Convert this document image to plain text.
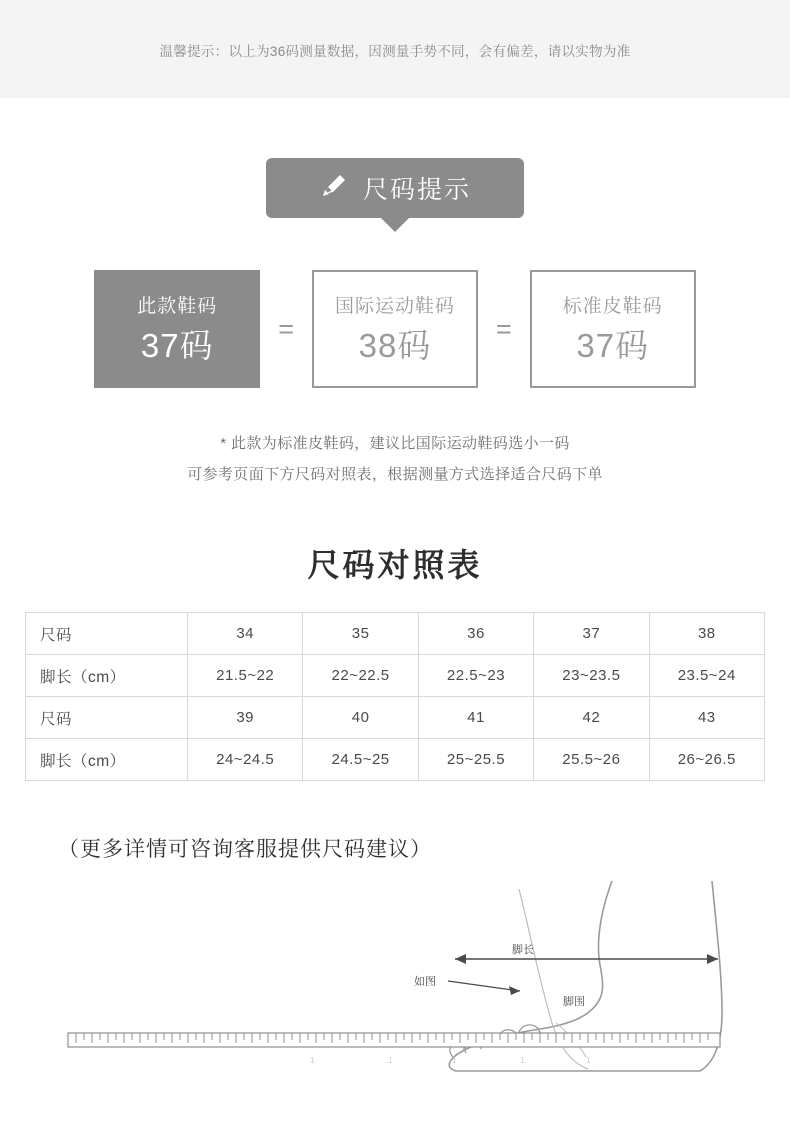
温馨提示：以上为36码测量数据，因测量手势不同，会有偏差，请以实物为准
尺码提示
此款鞋码
37码 =
国际运动鞋码
38码 =
标准皮鞋码
37码
* 此款为标准皮鞋码，建议比国际运动鞋码选小一码
可参考页面下方尺码对照表，根据测量方式选择适合尺码下单
尺码对照表
尺码	34	35	36	37	38
脚长（cm）	21.5~22	22~22.5	22.5~23	23~23.5	23.5~24
尺码	39	40	41	42	43
脚长（cm）	24~24.5	24.5~25	25~25.5	25.5~26	26~26.5
（更多详情可咨询客服提供尺码建议）
脚长
如图
脚围
1	1	1	1	1
